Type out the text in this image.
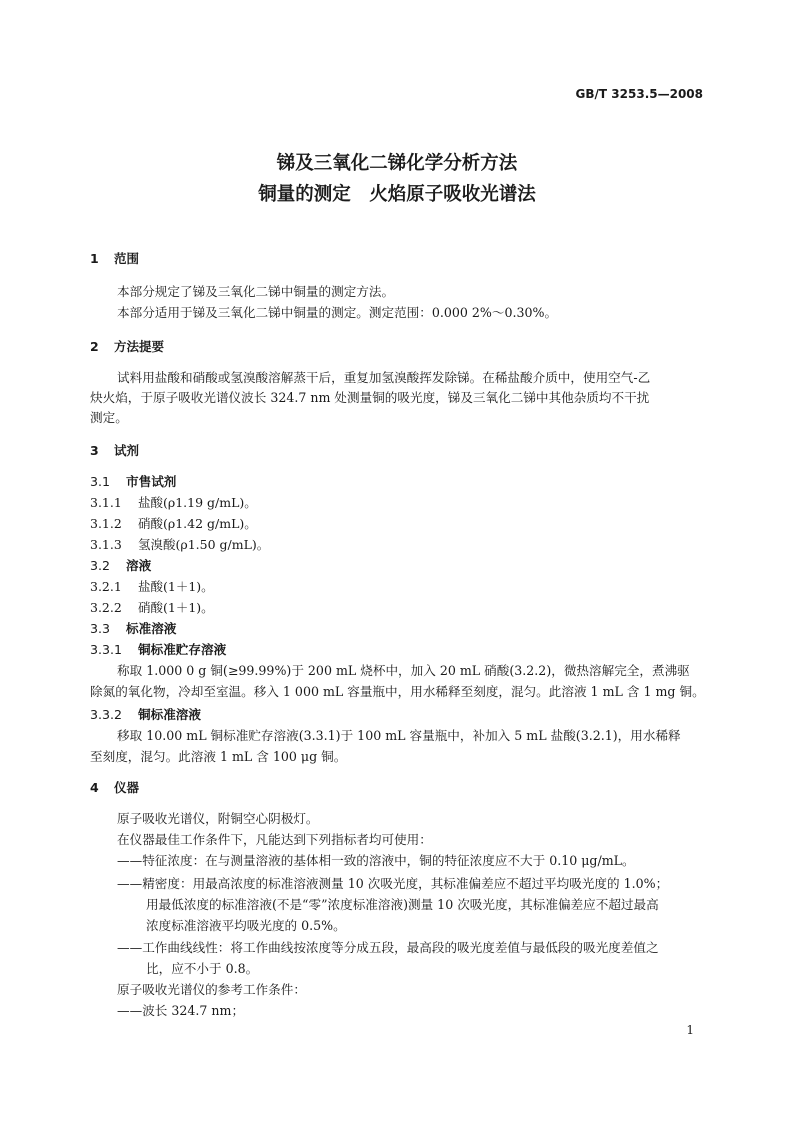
GB/T 3253.5—2008
锑及三氧化二锑化学分析方法
铜量的测定　火焰原子吸收光谱法
1 范围
本部分规定了锑及三氧化二锑中铜量的测定方法。
本部分适用于锑及三氧化二锑中铜量的测定。测定范围：0.000 2%～0.30%。
2 方法提要
试料用盐酸和硝酸或氢溴酸溶解蒸干后，重复加氢溴酸挥发除锑。在稀盐酸介质中，使用空气-乙
炔火焰，于原子吸收光谱仪波长 324.7 nm 处测量铜的吸光度，锑及三氧化二锑中其他杂质均不干扰
测定。
3 试剂
3.1 市售试剂
3.1.1 盐酸(ρ1.19 g/mL)。
3.1.2 硝酸(ρ1.42 g/mL)。
3.1.3 氢溴酸(ρ1.50 g/mL)。
3.2 溶液
3.2.1 盐酸(1＋1)。
3.2.2 硝酸(1＋1)。
3.3 标准溶液
3.3.1 铜标准贮存溶液
称取 1.000 0 g 铜(≥99.99%)于 200 mL 烧杯中，加入 20 mL 硝酸(3.2.2)，微热溶解完全，煮沸驱
除氮的氧化物，冷却至室温。移入 1 000 mL 容量瓶中，用水稀释至刻度，混匀。此溶液 1 mL 含 1 mg 铜。
3.3.2 铜标准溶液
移取 10.00 mL 铜标准贮存溶液(3.3.1)于 100 mL 容量瓶中，补加入 5 mL 盐酸(3.2.1)，用水稀释
至刻度，混匀。此溶液 1 mL 含 100 μg 铜。
4 仪器
原子吸收光谱仪，附铜空心阴极灯。
在仪器最佳工作条件下，凡能达到下列指标者均可使用：
——特征浓度：在与测量溶液的基体相一致的溶液中，铜的特征浓度应不大于 0.10 μg/mL。
——精密度：用最高浓度的标准溶液测量 10 次吸光度，其标准偏差应不超过平均吸光度的 1.0%；
用最低浓度的标准溶液(不是“零”浓度标准溶液)测量 10 次吸光度，其标准偏差应不超过最高
浓度标准溶液平均吸光度的 0.5%。
——工作曲线线性：将工作曲线按浓度等分成五段，最高段的吸光度差值与最低段的吸光度差值之
比，应不小于 0.8。
原子吸收光谱仪的参考工作条件：
——波长 324.7 nm；
1
